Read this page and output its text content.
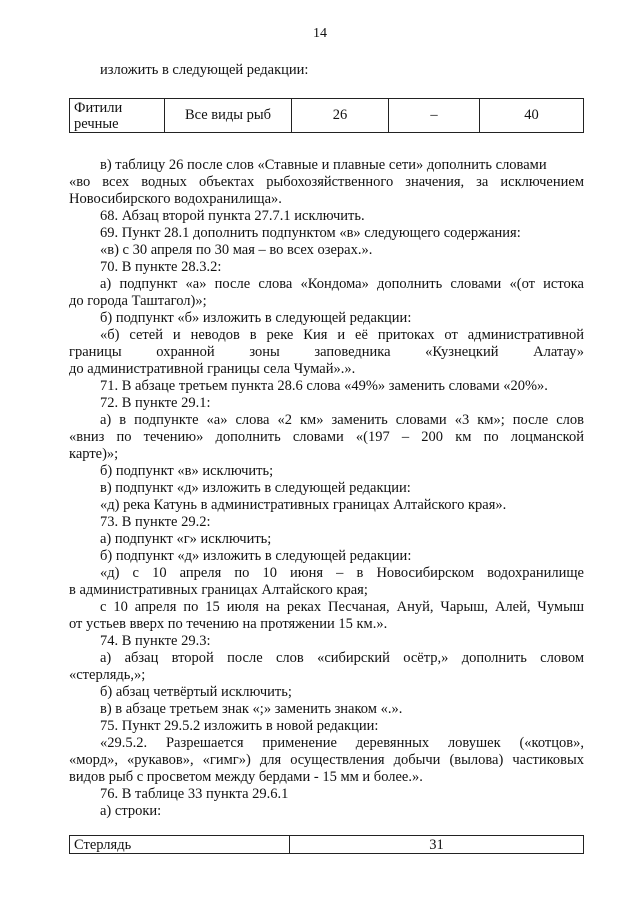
14
изложить в следующей редакции:
Фитили речные	Все виды рыб	26	–	40
в) таблицу 26 после слов «Ставные и плавные сети» дополнить словами
«во всех водных объектах рыбохозяйственного значения, за исключением
Новосибирского водохранилища».
68. Абзац второй пункта 27.7.1 исключить.
69. Пункт 28.1 дополнить подпунктом «в» следующего содержания:
«в) с 30 апреля по 30 мая – во всех озерах.».
70. В пункте 28.3.2:
а) подпункт «а» после слова «Кондома» дополнить словами «(от истока
до города Таштагол)»;
б) подпункт «б» изложить в следующей редакции:
«б) сетей и неводов в реке Кия и её притоках от административной
границы охранной зоны заповедника «Кузнецкий Алатау»
до административной границы села Чумай».».
71. В абзаце третьем пункта 28.6 слова «49%» заменить словами «20%».
72. В пункте 29.1:
а) в подпункте «а» слова «2 км» заменить словами «3 км»; после слов
«вниз по течению» дополнить словами «(197 – 200 км по лоцманской
карте)»;
б) подпункт «в» исключить;
в) подпункт «д» изложить в следующей редакции:
«д) река Катунь в административных границах Алтайского края».
73. В пункте 29.2:
а) подпункт «г» исключить;
б) подпункт «д» изложить в следующей редакции:
«д) с 10 апреля по 10 июня – в Новосибирском водохранилище
в административных границах Алтайского края;
с 10 апреля по 15 июля на реках Песчаная, Ануй, Чарыш, Алей, Чумыш
от устьев вверх по течению на протяжении 15 км.».
74. В пункте 29.3:
а) абзац второй после слов «сибирский осётр,» дополнить словом
«стерлядь,»;
б) абзац четвёртый исключить;
в) в абзаце третьем знак «;» заменить знаком «.».
75. Пункт 29.5.2 изложить в новой редакции:
«29.5.2. Разрешается применение деревянных ловушек («котцов»,
«морд», «рукавов», «гимг») для осуществления добычи (вылова) частиковых
видов рыб с просветом между бердами - 15 мм и более.».
76. В таблице 33 пункта 29.6.1
а) строки:
Стерлядь	31
